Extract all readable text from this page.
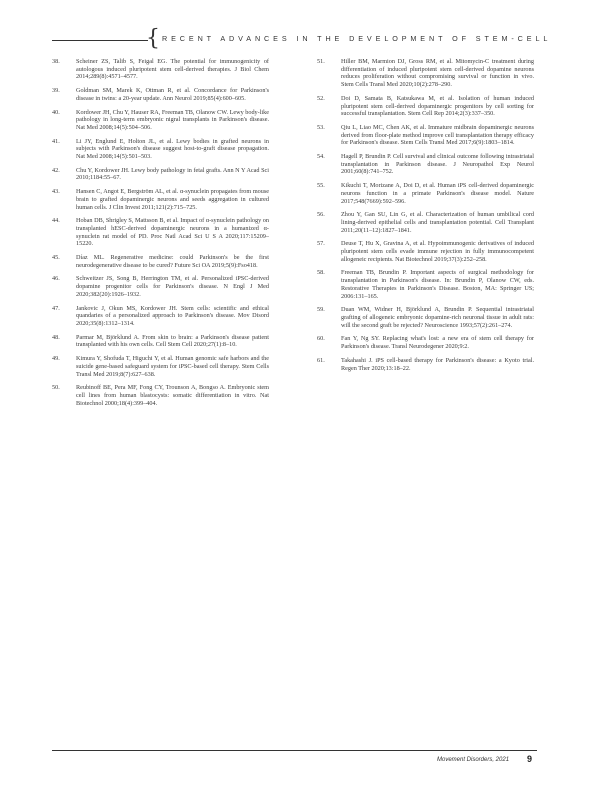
{ RECENT ADVANCES IN THE DEVELOPMENT OF STEM-CELL
38.	Scheiner ZS, Talib S, Feigal EG. The potential for immunogenicity of autologous induced pluripotent stem cell-derived therapies. J Biol Chem 2014;289(8):4571–4577.
39.	Goldman SM, Marek K, Ottman R, et al. Concordance for Parkinson's disease in twins: a 20-year update. Ann Neurol 2019;85(4):600–605.
40.	Kordower JH, Chu Y, Hauser RA, Freeman TB, Olanow CW. Lewy body-like pathology in long-term embryonic nigral transplants in Parkinson's disease. Nat Med 2008;14(5):504–506.
41.	Li JY, Englund E, Holton JL, et al. Lewy bodies in grafted neurons in subjects with Parkinson's disease suggest host-to-graft disease propagation. Nat Med 2008;14(5):501–503.
42.	Chu Y, Kordower JH. Lewy body pathology in fetal grafts. Ann N Y Acad Sci 2010;1184:55–67.
43.	Hansen C, Angot E, Bergström AL, et al. α-synuclein propagates from mouse brain to grafted dopaminergic neurons and seeds aggregation in cultured human cells. J Clin Invest 2011;121(2):715–725.
44.	Hoban DB, Shrigley S, Mattsson B, et al. Impact of α-synuclein pathology on transplanted hESC-derived dopaminergic neurons in a humanized α-synuclein rat model of PD. Proc Natl Acad Sci U S A 2020;117:15209–15220.
45.	Díaz ML. Regenerative medicine: could Parkinson's be the first neurodegenerative disease to be cured? Future Sci OA 2019;5(9):Fso418.
46.	Schweitzer JS, Song B, Herrington TM, et al. Personalized iPSC-derived dopamine progenitor cells for Parkinson's disease. N Engl J Med 2020;382(20):1926–1932.
47.	Jankovic J, Okun MS, Kordower JH. Stem cells: scientific and ethical quandaries of a personalized approach to Parkinson's disease. Mov Disord 2020;35(8):1312–1314.
48.	Parmar M, Björklund A. From skin to brain: a Parkinson's disease patient transplanted with his own cells. Cell Stem Cell 2020;27(1):8–10.
49.	Kimura Y, Shofuda T, Higuchi Y, et al. Human genomic safe harbors and the suicide gene-based safeguard system for iPSC-based cell therapy. Stem Cells Transl Med 2019;8(7):627–638.
50.	Reubinoff BE, Pera MF, Fong CY, Trounson A, Bongso A. Embryonic stem cell lines from human blastocysts: somatic differentiation in vitro. Nat Biotechnol 2000;18(4):399–404.
51.	Hiller BM, Marmion DJ, Gross RM, et al. Mitomycin-C treatment during differentiation of induced pluripotent stem cell-derived dopamine neurons reduces proliferation without compromising survival or function in vivo. Stem Cells Transl Med 2020;10(2):278–290.
52.	Doi D, Samata B, Katsukawa M, et al. Isolation of human induced pluripotent stem cell-derived dopaminergic progenitors by cell sorting for successful transplantation. Stem Cell Rep 2014;2(3):337–350.
53.	Qiu L, Liao MC, Chen AK, et al. Immature midbrain dopaminergic neurons derived from floor-plate method improve cell transplantation therapy efficacy for Parkinson's disease. Stem Cells Transl Med 2017;6(9):1803–1814.
54.	Hagell P, Brundin P. Cell survival and clinical outcome following intrastriatal transplantation in Parkinson disease. J Neuropathol Exp Neurol 2001;60(8):741–752.
55.	Kikuchi T, Morizane A, Doi D, et al. Human iPS cell-derived dopaminergic neurons function in a primate Parkinson's disease model. Nature 2017;548(7669):592–596.
56.	Zhou Y, Gan SU, Lin G, et al. Characterization of human umbilical cord lining-derived epithelial cells and transplantation potential. Cell Transplant 2011;20(11–12):1827–1841.
57.	Deuse T, Hu X, Gravina A, et al. Hypoimmunogenic derivatives of induced pluripotent stem cells evade immune rejection in fully immunocompetent allogeneic recipients. Nat Biotechnol 2019;37(3):252–258.
58.	Freeman TB, Brundin P. Important aspects of surgical methodology for transplantation in Parkinson's disease. In: Brundin P, Olanow CW, eds. Restorative Therapies in Parkinson's Disease. Boston, MA: Springer US; 2006:131–165.
59.	Duan WM, Widner H, Björklund A, Brundin P. Sequential intrastriatal grafting of allogeneic embryonic dopamine-rich neuronal tissue in adult rats: will the second graft be rejected? Neuroscience 1993;57(2):261–274.
60.	Fan Y, Ng SY. Replacing what's lost: a new era of stem cell therapy for Parkinson's disease. Transl Neurodegener 2020;9:2.
61.	Takahashi J. iPS cell-based therapy for Parkinson's disease: a Kyoto trial. Regen Ther 2020;13:18–22.
Movement Disorders, 2021 9
